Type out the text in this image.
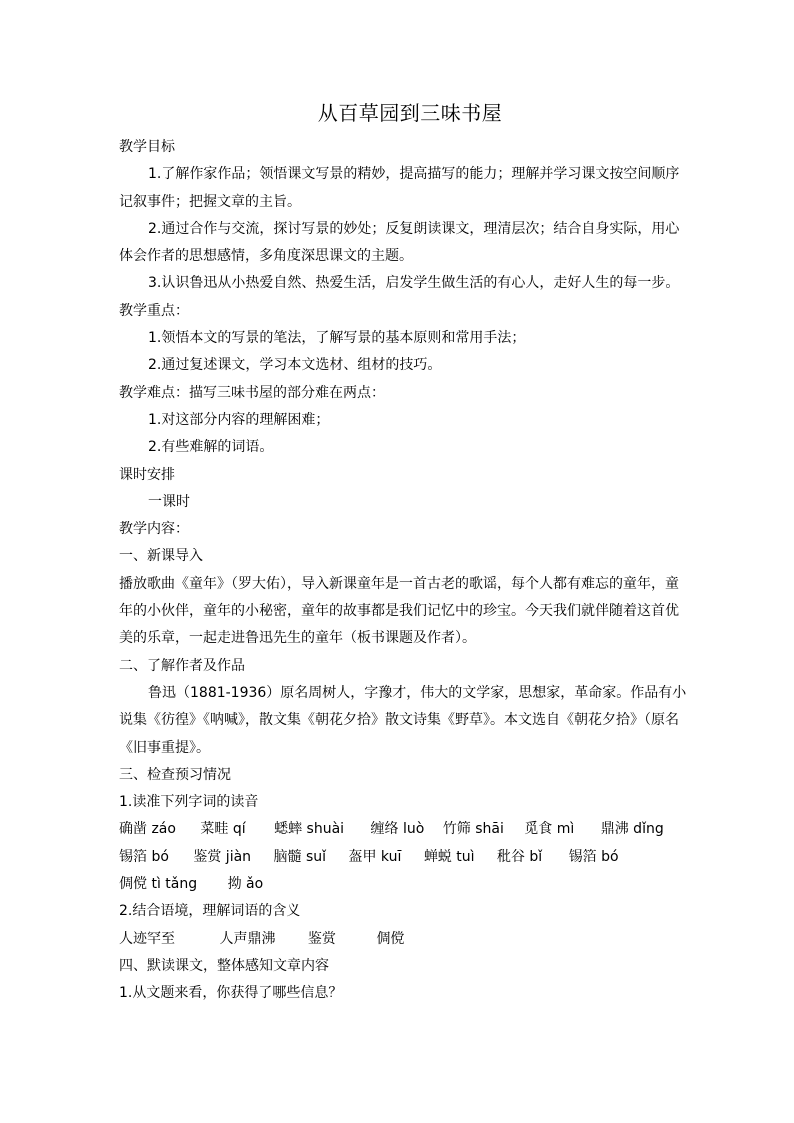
从百草园到三味书屋
教学目标
1.了解作家作品；领悟课文写景的精妙，提高描写的能力；理解并学习课文按空间顺序
记叙事件；把握文章的主旨。
2.通过合作与交流，探讨写景的妙处；反复朗读课文，理清层次；结合自身实际，用心
体会作者的思想感情，多角度深思课文的主题。
3.认识鲁迅从小热爱自然、热爱生活，启发学生做生活的有心人，走好人生的每一步。
教学重点：
1.领悟本文的写景的笔法，了解写景的基本原则和常用手法；
2.通过复述课文，学习本文选材、组材的技巧。
教学难点：描写三味书屋的部分难在两点：
1.对这部分内容的理解困难；
2.有些难解的词语。
课时安排
一课时
教学内容：
一、新课导入
播放歌曲《童年》（罗大佑），导入新课童年是一首古老的歌谣，每个人都有难忘的童年，童
年的小伙伴，童年的小秘密，童年的故事都是我们记忆中的珍宝。今天我们就伴随着这首优
美的乐章，一起走进鲁迅先生的童年（板书课题及作者）。
二、了解作者及作品
鲁迅（1881-1936）原名周树人，字豫才，伟大的文学家，思想家，革命家。作品有小
说集《彷徨》《呐喊》，散文集《朝花夕拾》散文诗集《野草》。本文选自《朝花夕拾》（原名
《旧事重提》。
三、检查预习情况
1.读准下列字词的读音
确凿 záo 菜畦 qí 蟋蟀 shuài 缠络 luò 竹筛 shāi 觅食 mì 鼎沸 dǐng
锡箔 bó 鉴赏 jiàn 脑髓 suǐ 盔甲 kuī 蝉蜕 tuì 秕谷 bǐ 锡箔 bó
倜傥 tì tǎng 拗 ǎo
2.结合语境，理解词语的含义
人迹罕至	人声鼎沸 鉴赏	倜傥
四、默读课文，整体感知文章内容
1.从文题来看，你获得了哪些信息？
